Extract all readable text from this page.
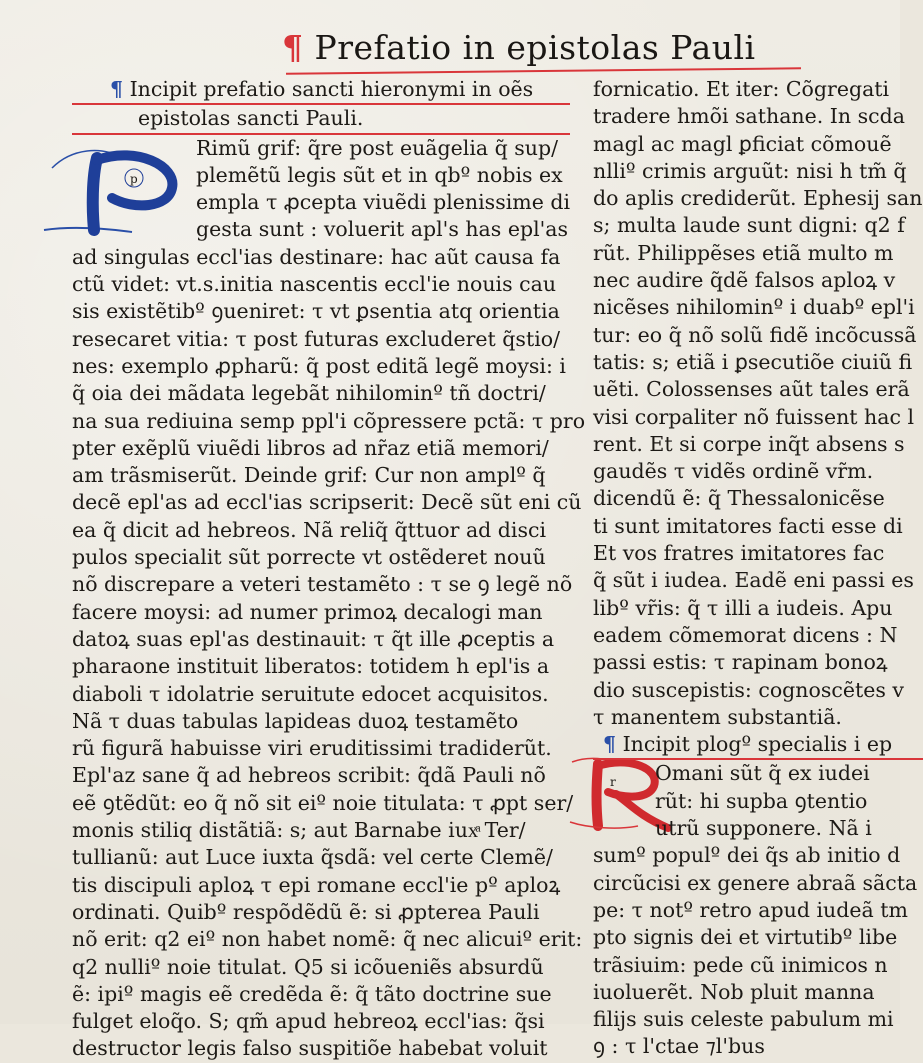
¶ Prefatio in epistolas Pauli
p
r
¶ Incipit prefatio sancti hieronymi in oẽs
epistolas sancti Pauli.
Rimũ grif: q̃re post euãgelia q̃ sup/
plemẽtũ legis sũt et in qbº nobis ex
empla τ ꝓcepta viuẽdi plenissime di
gesta sunt : voluerit apl's has epl'as
ad singulas eccl'ias destinare: hac aũt causa fa
ctũ videt: vt.s.initia nascentis eccl'ie nouis cau
sis existẽtibº ꝯueniret: τ vt ꝑsentia atq orientia
resecaret vitia: τ post futuras excluderet q̃stio/
nes: exemplo ꝓpharũ: q̃ post editã legẽ moysi: i
q̃ oia dei mãdata legebãt nihilominº tñ doctri/
na sua rediuina semp ppl'i cõpressere pctã: τ pro
pter exẽplũ viuẽdi libros ad nr̃az etiã memori/
am trãsmiserũt. Deinde grif: Cur non amplº q̃
decẽ epl'as ad eccl'ias scripserit: Decẽ sũt eni cũ
ea q̃ dicit ad hebreos. Nã reliq̃ q̃ttuor ad disci
pulos specialit sũt porrecte vt ostẽderet nouũ
nõ discrepare a veteri testamẽto : τ se ꝯ legẽ nõ
facere moysi: ad numer primoꝝ decalogi man
datoꝝ suas epl'as destinauit: τ q̃t ille ꝓceptis a
pharaone instituit liberatos: totidem h epl'is a
diaboli τ idolatrie seruitute edocet acquisitos.
Nã τ duas tabulas lapideas duoꝝ testamẽto
rũ figurã habuisse viri eruditissimi tradiderũt.
Epl'az sane q̃ ad hebreos scribit: q̃dã Pauli nõ
eẽ ꝯtẽdũt: eo q̃ nõ sit eiº noie titulata: τ ꝓpt ser/
monis stiliq distãtiã: s; aut Barnabe iuxͣ Ter/
tullianũ: aut Luce iuxta q̃sdã: vel certe Clemẽ/
tis discipuli aploꝝ τ epi romane eccl'ie pº aploꝝ
ordinati. Quibº respõdẽdũ ẽ: si ꝓpterea Pauli
nõ erit: q2 eiº non habet nomẽ: q̃ nec alicuiº erit:
q2 nulliº noie titulat. Q5 si icõueniẽs absurdũ
ẽ: ipiº magis eẽ credẽda ẽ: q̃ tãto doctrine sue
fulget eloq̃o. S; qm̃ apud hebreoꝝ eccl'ias: q̃si
destructor legis falso suspitiõe habebat voluit
fornicatio. Et iter: Cõgregati
tradere hmõi sathane. In scda
magl ac magl ꝑficiat cõmouẽ
nlliº crimis arguũt: nisi h tm̃ q̃
do aplis crediderũt. Ephesij san
s; multa laude sunt digni: q2 f
rũt. Philippẽses etiã multo m
nec audire q̃dẽ falsos aploꝝ v
nicẽses nihilominº i duabº epl'i
tur: eo q̃ nõ solũ fidẽ incõcussã
tatis: s; etiã i ꝑsecutiõe ciuiũ fi
uẽti. Colossenses aũt tales erã
visi corpaliter nõ fuissent hac l
rent. Et si corpe inq̃t absens s
gaudẽs τ vidẽs ordinẽ vr̃m.
dicendũ ẽ: q̃ Thessalonicẽse
ti sunt imitatores facti esse di
Et vos fratres imitatores fac
q̃ sũt i iudea. Eadẽ eni passi es
libº vr̃is: q̃ τ illi a iudeis. Apu
eadem cõmemorat dicens : N
passi estis: τ rapinam bonoꝝ
dio suscepistis: cognoscẽtes v
τ manentem substantiã.
¶ Incipit plogº specialis i ep
Omani sũt q̃ ex iudei
rũt: hi supba ꝯtentio
utrũ supponere. Nã i
sumº populº dei q̃s ab initio d
circũcisi ex genere abraã sãcta
pe: τ notº retro apud iudeã tm
pto signis dei et virtutibº libe
trãsiuim: pede cũ inimicos n
iuoluerẽt. Nob pluit manna
filijs suis celeste pabulum mi
ꝯ : τ l'ctae ⁊l'bus
